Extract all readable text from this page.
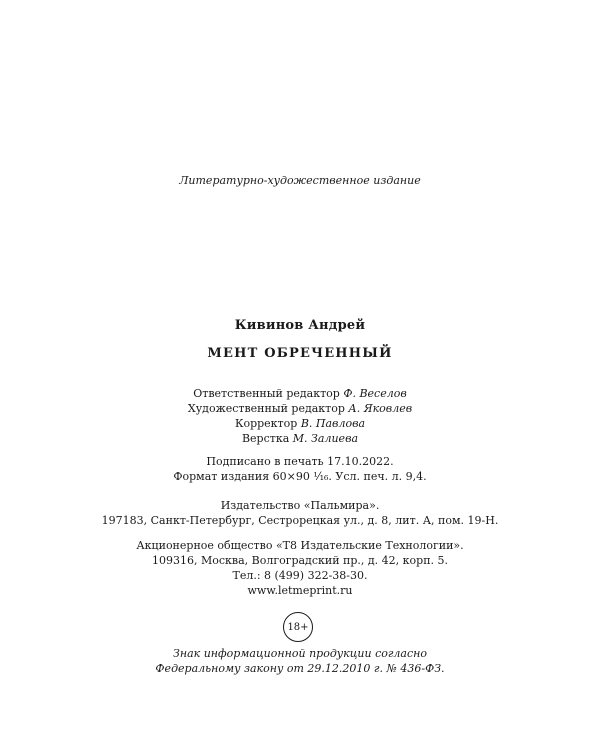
Литературно-художественное издание
Кивинов Андрей
МЕНТ ОБРЕЧЕННЫЙ
Ответственный редактор Ф. Веселов
Художественный редактор А. Яковлев
Корректор В. Павлова
Верстка М. Залиева
Подписано в печать 17.10.2022.
Формат издания 60×90 ¹⁄₁₆. Усл. печ. л. 9,4.
Издательство «Пальмира».
197183, Санкт-Петербург, Сестрорецкая ул., д. 8, лит. А, пом. 19-Н.
Акционерное общество «Т8 Издательские Технологии».
109316, Москва, Волгоградский пр., д. 42, корп. 5.
Тел.: 8 (499) 322-38-30.
www.letmeprint.ru
18+
Знак информационной продукции согласно
Федеральному закону от 29.12.2010 г. № 436-ФЗ.
